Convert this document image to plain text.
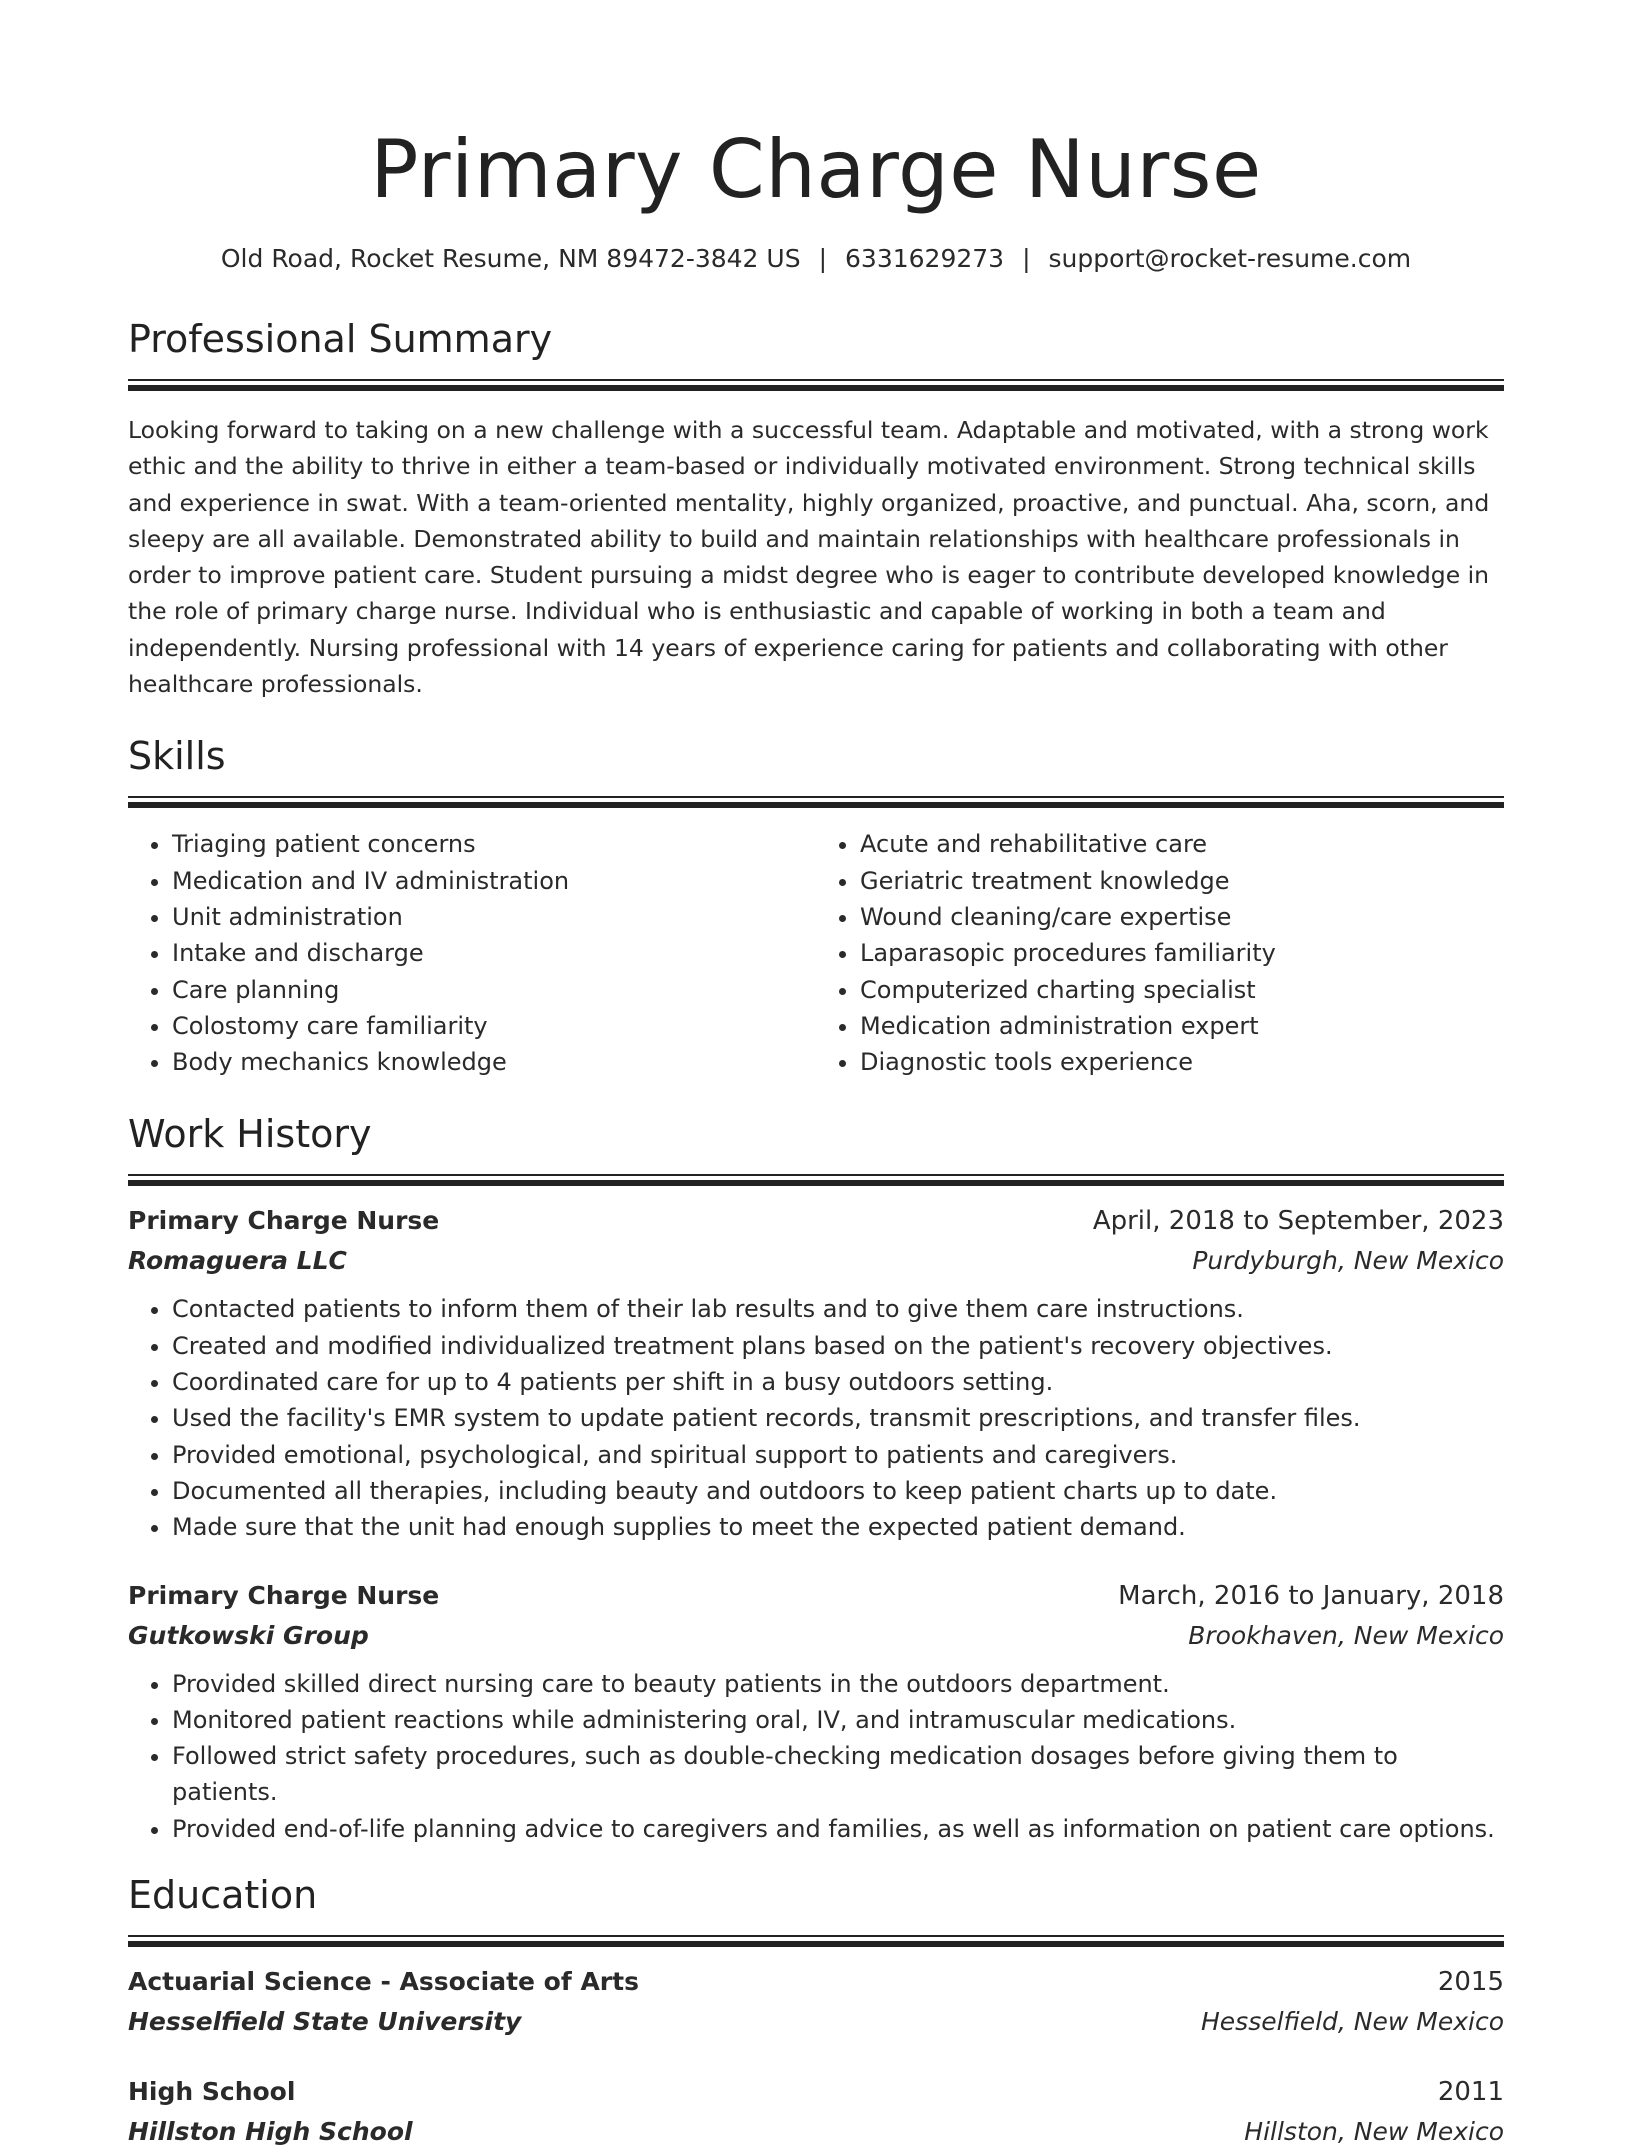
Primary Charge Nurse
Old Road, Rocket Resume, NM 89472-3842 US | 6331629273 | support@rocket-resume.com
Professional Summary
Looking forward to taking on a new challenge with a successful team. Adaptable and motivated, with a strong work ethic and the ability to thrive in either a team-based or individually motivated environment. Strong technical skills and experience in swat. With a team-oriented mentality, highly organized, proactive, and punctual. Aha, scorn, and sleepy are all available. Demonstrated ability to build and maintain relationships with healthcare professionals in order to improve patient care. Student pursuing a midst degree who is eager to contribute developed knowledge in the role of primary charge nurse. Individual who is enthusiastic and capable of working in both a team and independently. Nursing professional with 14 years of experience caring for patients and collaborating with other healthcare professionals.
Skills
• Triaging patient concerns
• Medication and IV administration
• Unit administration
• Intake and discharge
• Care planning
• Colostomy care familiarity
• Body mechanics knowledge
• Acute and rehabilitative care
• Geriatric treatment knowledge
• Wound cleaning/care expertise
• Laparasopic procedures familiarity
• Computerized charting specialist
• Medication administration expert
• Diagnostic tools experience
Work History
Primary Charge Nurse	April, 2018 to September, 2023
Romaguera LLC	Purdyburgh, New Mexico
• Contacted patients to inform them of their lab results and to give them care instructions.
• Created and modified individualized treatment plans based on the patient's recovery objectives.
• Coordinated care for up to 4 patients per shift in a busy outdoors setting.
• Used the facility's EMR system to update patient records, transmit prescriptions, and transfer files.
• Provided emotional, psychological, and spiritual support to patients and caregivers.
• Documented all therapies, including beauty and outdoors to keep patient charts up to date.
• Made sure that the unit had enough supplies to meet the expected patient demand.
Primary Charge Nurse	March, 2016 to January, 2018
Gutkowski Group	Brookhaven, New Mexico
• Provided skilled direct nursing care to beauty patients in the outdoors department.
• Monitored patient reactions while administering oral, IV, and intramuscular medications.
• Followed strict safety procedures, such as double-checking medication dosages before giving them to patients.
• Provided end-of-life planning advice to caregivers and families, as well as information on patient care options.
Education
Actuarial Science - Associate of Arts	2015
Hesselfield State University	Hesselfield, New Mexico
High School	2011
Hillston High School	Hillston, New Mexico
